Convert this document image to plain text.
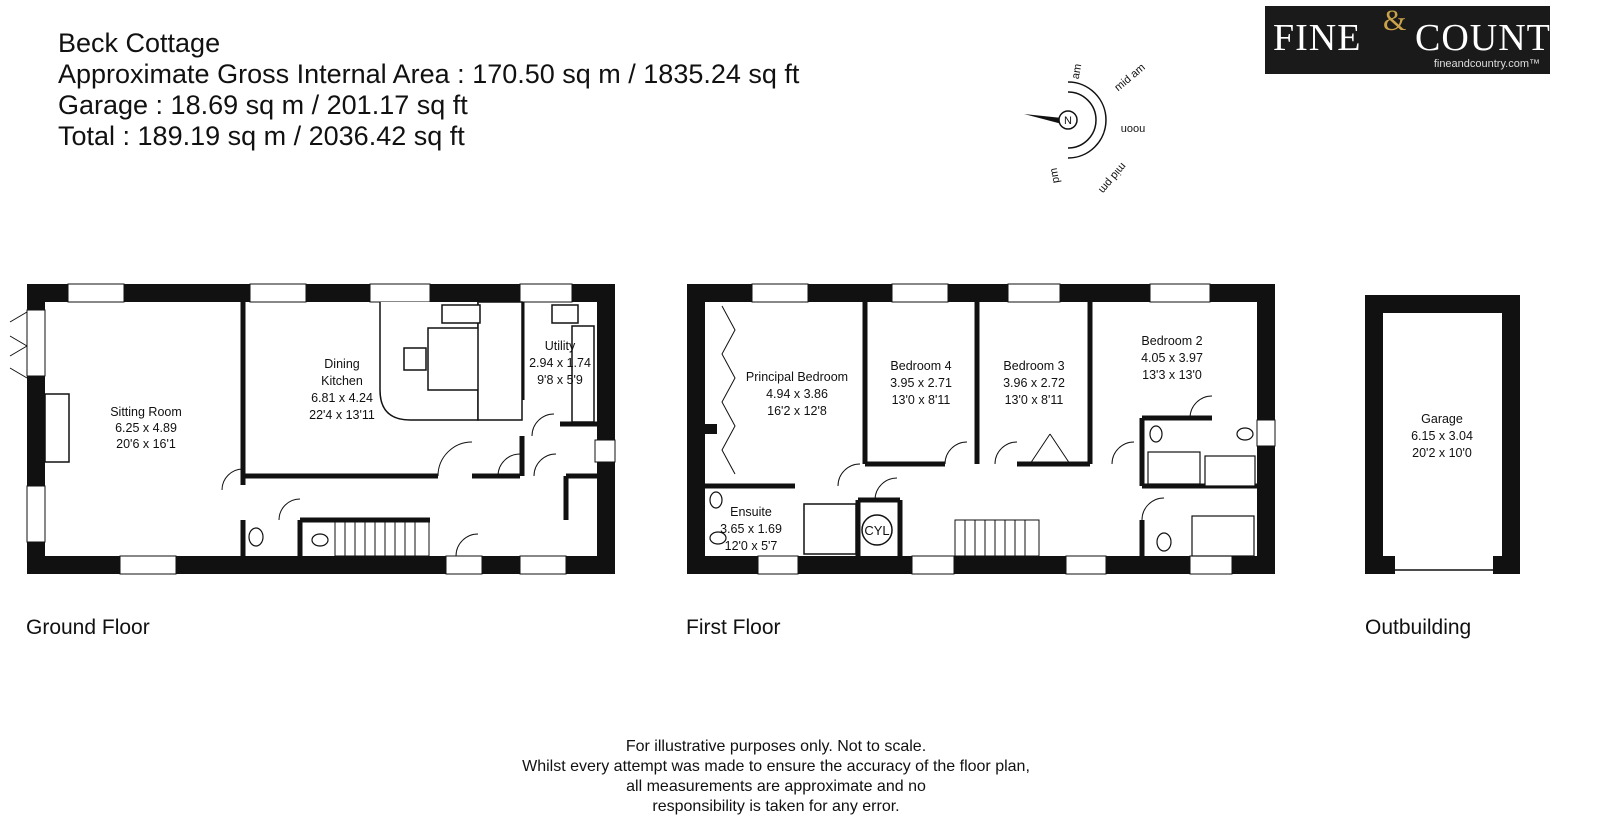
Beck Cottage
Approximate Gross Internal Area : 170.50 sq m / 1835.24 sq ft
Garage : 18.69 sq m / 201.17 sq ft
Total : 189.19 sq m / 2036.42 sq ft
FINE & COUNTRY
fineandcountry.com™
N
am	mid am
noon
mid pm
pm
Sitting Room
6.25 x 4.89
20'6 x 16'1
Dining
Kitchen
6.81 x 4.24
22'4 x 13'11
Utility
2.94 x 1.74
9'8 x 5'9
CYL
Principal Bedroom
4.94 x 3.86
16'2 x 12'8
Bedroom 4
3.95 x 2.71
13'0 x 8'11
Bedroom 3
3.96 x 2.72
13'0 x 8'11
Bedroom 2
4.05 x 3.97
13'3 x 13'0
Ensuite
3.65 x 1.69
12'0 x 5'7
Garage
6.15 x 3.04
20'2 x 10'0
Ground Floor	First Floor	Outbuilding
For illustrative purposes only. Not to scale.
Whilst every attempt was made to ensure the accuracy of the floor plan,
all measurements are approximate and no
responsibility is taken for any error.
